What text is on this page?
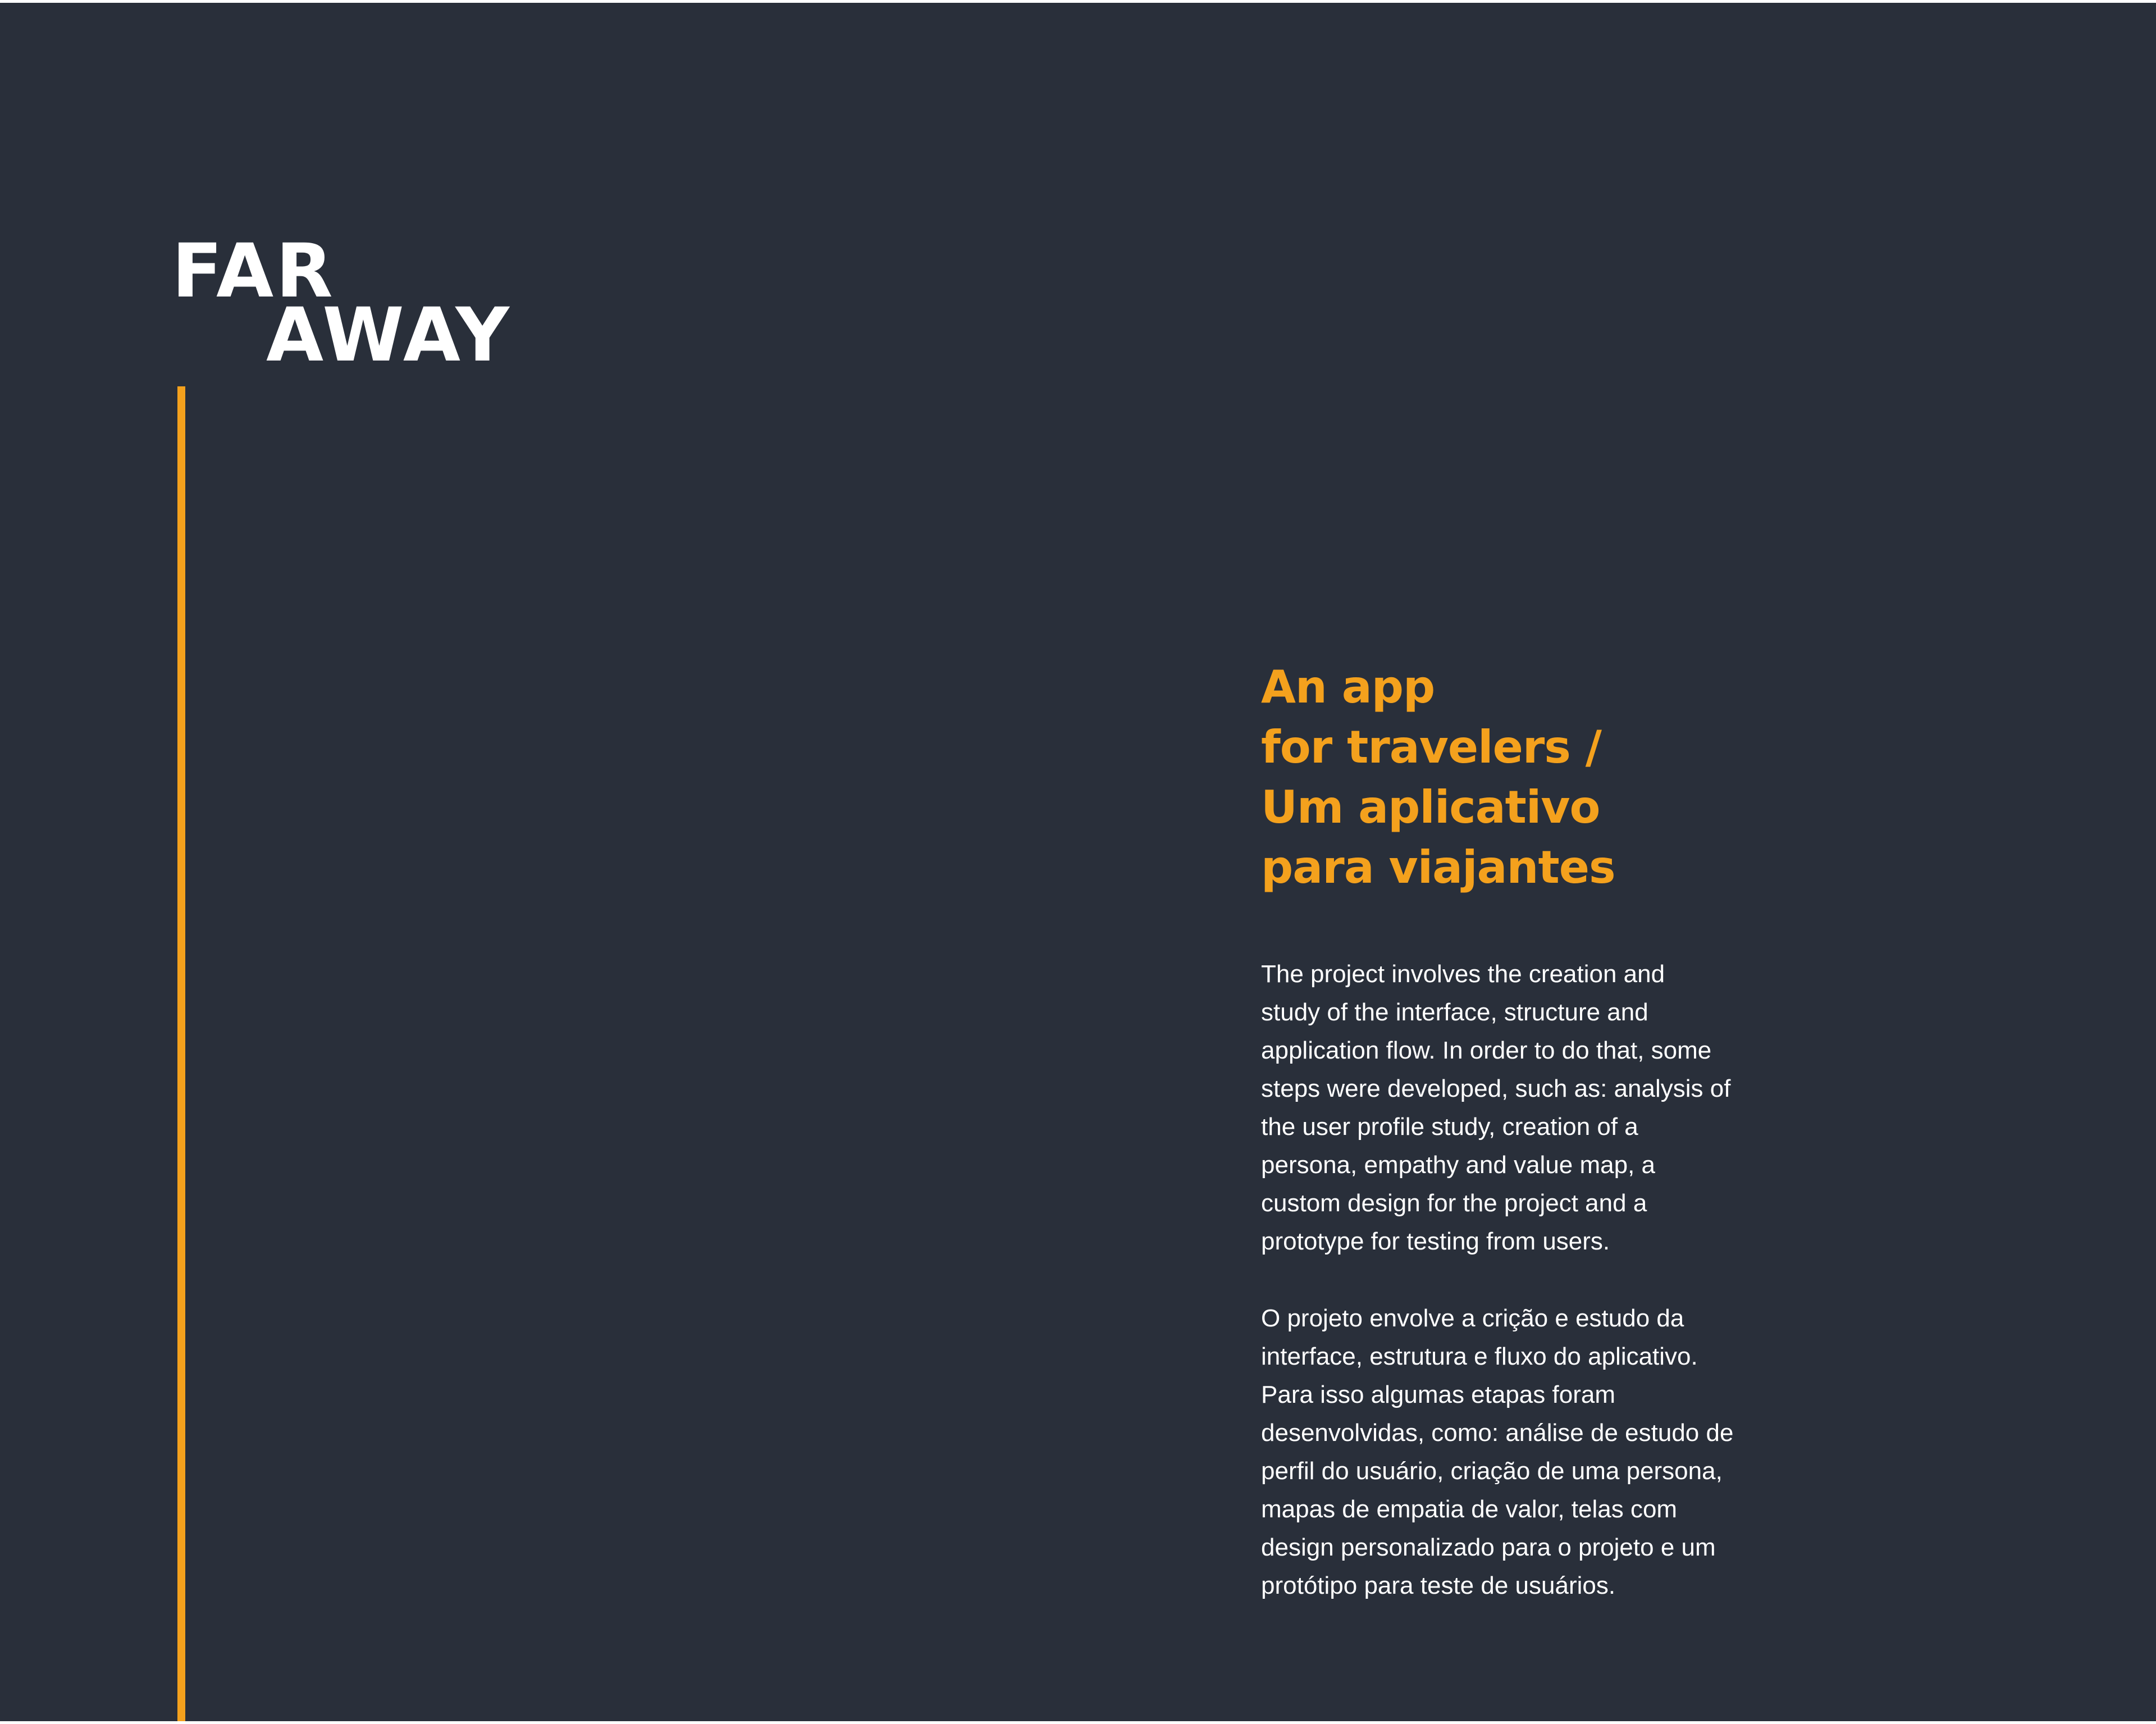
FAR
AWAY
An app
for travelers /
Um aplicativo
para viajantes
The project involves the creation and
study of the interface, structure and
application flow. In order to do that, some
steps were developed, such as: analysis of
the user profile study, creation of a
persona, empathy and value map, a
custom design for the project and a
prototype for testing from users.
O projeto envolve a crição e estudo da
interface, estrutura e fluxo do aplicativo.
Para isso algumas etapas foram
desenvolvidas, como: análise de estudo de
perfil do usuário, criação de uma persona,
mapas de empatia de valor, telas com
design personalizado para o projeto e um
protótipo para teste de usuários.
